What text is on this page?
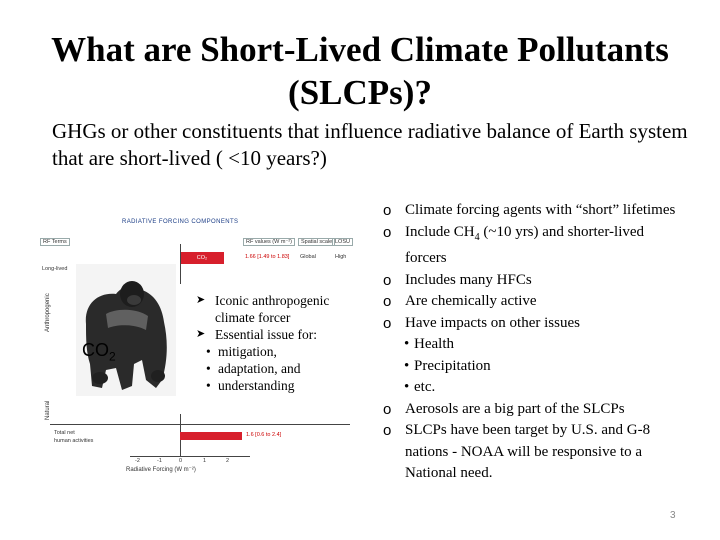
What are Short-Lived Climate Pollutants
(SLCPs)?
GHGs or other constituents that influence radiative balance of Earth system that are short-lived ( <10 years?)
RADIATIVE FORCING COMPONENTS
RF Terms	RF values (W m⁻²)	Spatial scale LOSU
CO₂	1.66 [1.49 to 1.83] Global	High
Long-lived
Anthropogenic
Natural
Total net
human activities
1.6 [0.6 to 2.4]
-2	-1	0	1	2
Radiative Forcing (W m⁻²)
$CO_2$
➤ Iconic anthropogenic climate forcer
➤ Essential issue for:
• mitigation,
• adaptation, and
• understanding
o Climate forcing agents with “short” lifetimes
o Include $CH_4$ (~10 yrs) and shorter-lived forcers
o Includes many HFCs
o Are chemically active
o Have impacts on other issues
• Health
• Precipitation
• etc.
o Aerosols are a big part of the SLCPs
o SLCPs have been target by U.S. and G-8 nations - NOAA will be responsive to a National need.
3
